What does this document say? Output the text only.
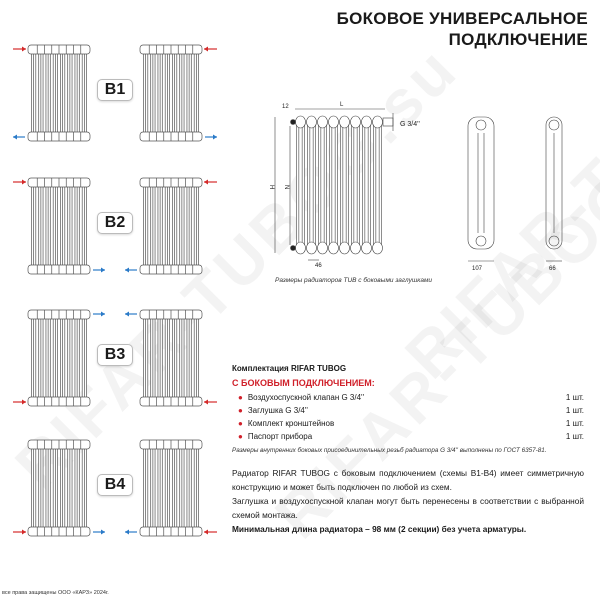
БОКОВОЕ УНИВЕРСАЛЬНОЕ
ПОДКЛЮЧЕНИЕ
B1
B2
B3
B4
12	L
G 3/4''
H N
46	107	66
Размеры радиаторов TUB с боковыми заглушками
Комплектация RIFAR TUBOG
С БОКОВЫМ ПОДКЛЮЧЕНИЕМ:
● Воздухоспускной клапан G 3/4''	1 шт.
● Заглушка G 3/4''	1 шт.
● Комплект кронштейнов	1 шт.
● Паспорт прибора	1 шт.
Размеры внутренних боковых присоединительных резьб радиатора G 3/4'' выполнены по ГОСТ 6357-81.

Радиатор RIFAR TUBOG с боковым подключением (схемы B1-B4) имеет симметричную конструкцию и может быть подключен по любой из схем.

Заглушка и воздухоспускной клапан могут быть перенесены в соответствии с выбранной схемой монтажа.

Минимальная длина радиатора – 98 мм (2 секции) без учета арматуры.

все права защищены ООО «КАРЗ» 2024г.
